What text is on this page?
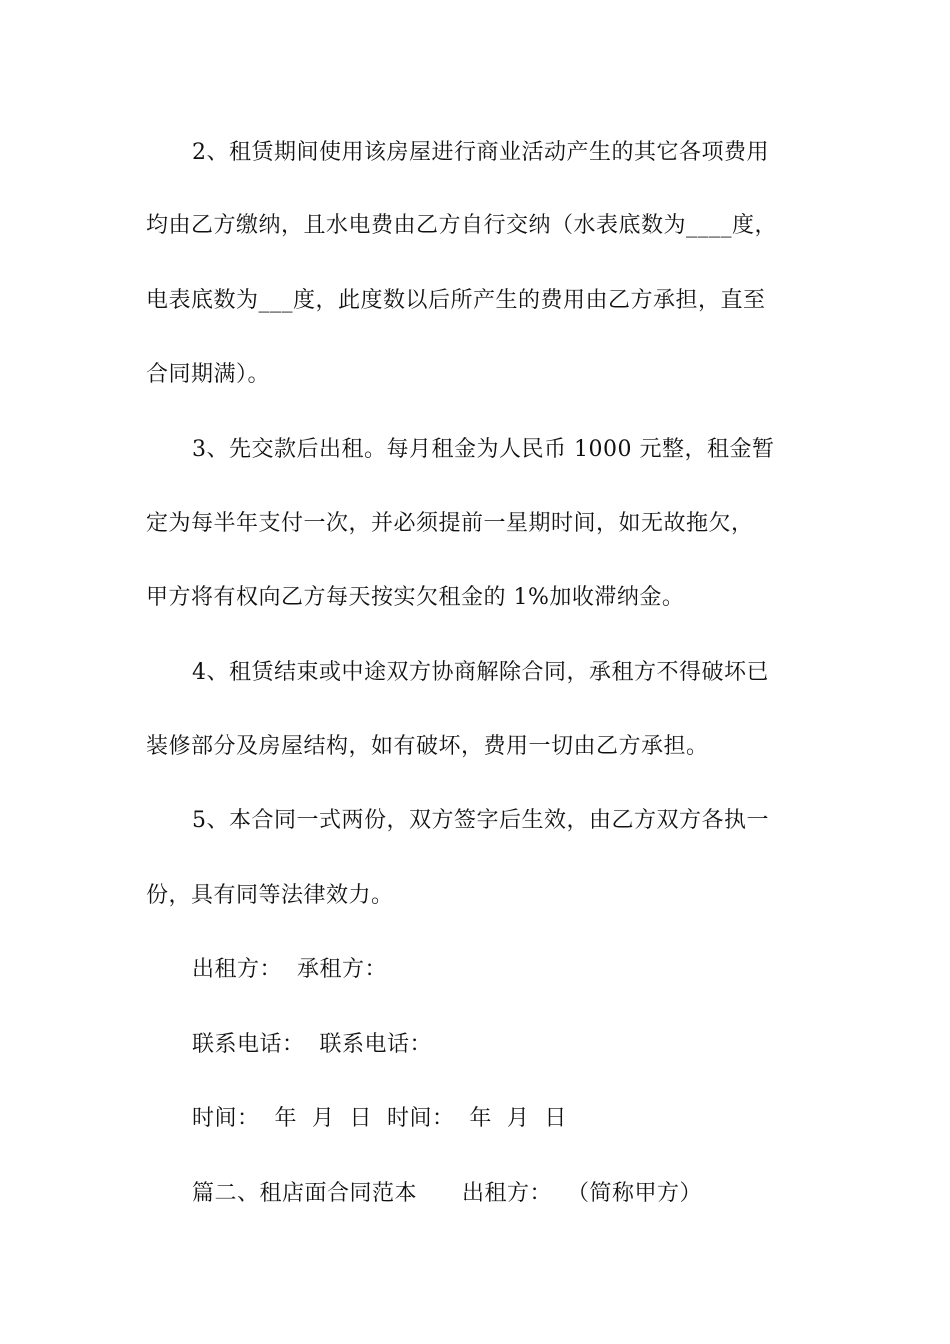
2、租赁期间使用该房屋进行商业活动产生的其它各项费用
均由乙方缴纳，且水电费由乙方自行交纳（水表底数为____度，
电表底数为___度，此度数以后所产生的费用由乙方承担，直至
合同期满）。
3、先交款后出租。每月租金为人民币 1000 元整，租金暂
定为每半年支付一次，并必须提前一星期时间，如无故拖欠，
甲方将有权向乙方每天按实欠租金的 1%加收滞纳金。
4、租赁结束或中途双方协商解除合同，承租方不得破坏已
装修部分及房屋结构，如有破坏，费用一切由乙方承担。
5、本合同一式两份，双方签字后生效，由乙方双方各执一
份，具有同等法律效力。
出租方：  承租方：
联系电话：  联系电话：
时间：  年  月  日  时间：  年  月  日
篇二、租店面合同范本      出租方：  （简称甲方）
